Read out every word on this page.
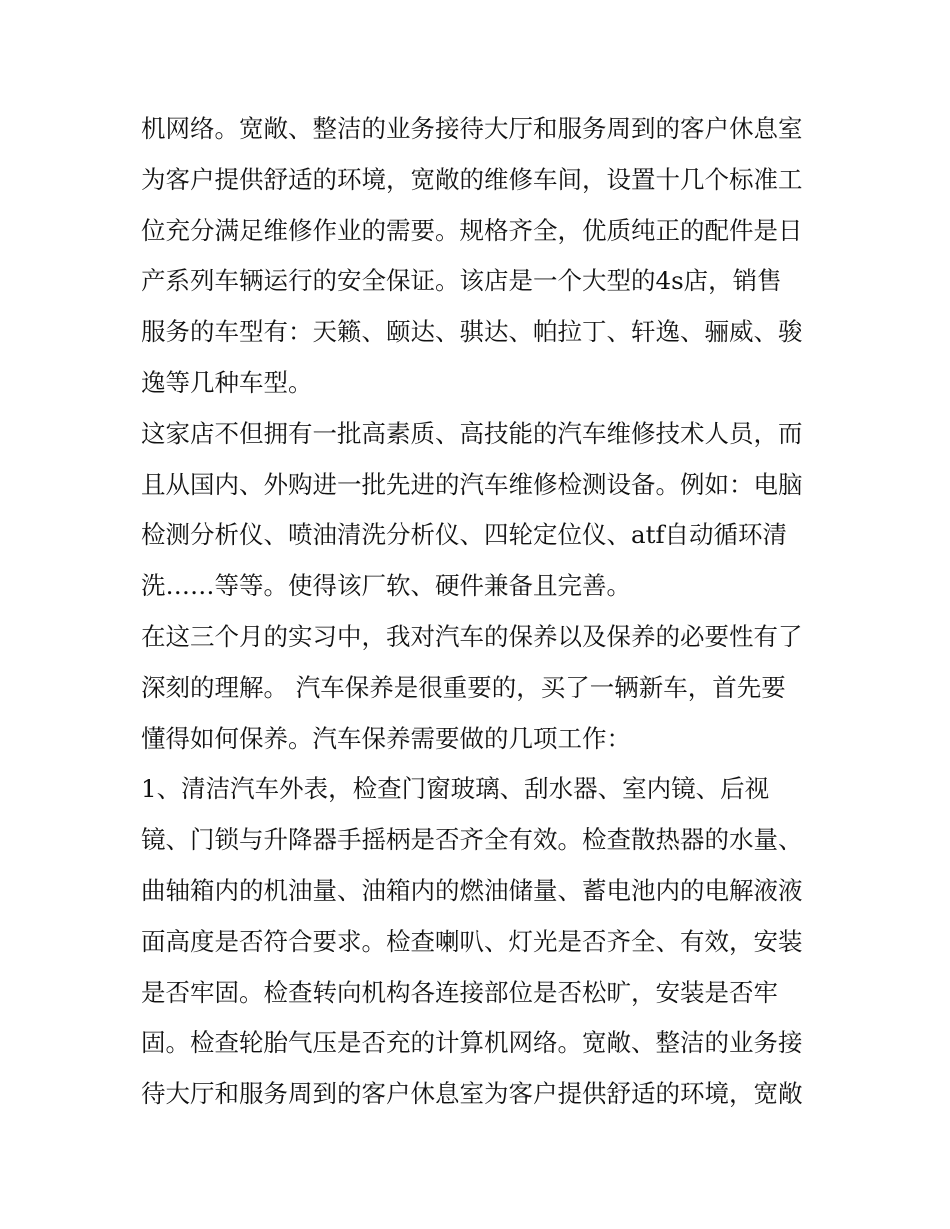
机网络。宽敞、整洁的业务接待大厅和服务周到的客户休息室
为客户提供舒适的环境，宽敞的维修车间，设置十几个标准工
位充分满足维修作业的需要。规格齐全，优质纯正的配件是日
产系列车辆运行的安全保证。该店是一个大型的4s店，销售
服务的车型有：天籁、颐达、骐达、帕拉丁、轩逸、骊威、骏
逸等几种车型。
这家店不但拥有一批高素质、高技能的汽车维修技术人员，而
且从国内、外购进一批先进的汽车维修检测设备。例如：电脑
检测分析仪、喷油清洗分析仪、四轮定位仪、atf自动循环清
洗……等等。使得该厂软、硬件兼备且完善。
在这三个月的实习中，我对汽车的保养以及保养的必要性有了
深刻的理解。 汽车保养是很重要的，买了一辆新车，首先要
懂得如何保养。汽车保养需要做的几项工作：
1、清洁汽车外表，检查门窗玻璃、刮水器、室内镜、后视
镜、门锁与升降器手摇柄是否齐全有效。检查散热器的水量、
曲轴箱内的机油量、油箱内的燃油储量、蓄电池内的电解液液
面高度是否符合要求。检查喇叭、灯光是否齐全、有效，安装
是否牢固。检查转向机构各连接部位是否松旷，安装是否牢
固。检查轮胎气压是否充的计算机网络。宽敞、整洁的业务接
待大厅和服务周到的客户休息室为客户提供舒适的环境，宽敞
